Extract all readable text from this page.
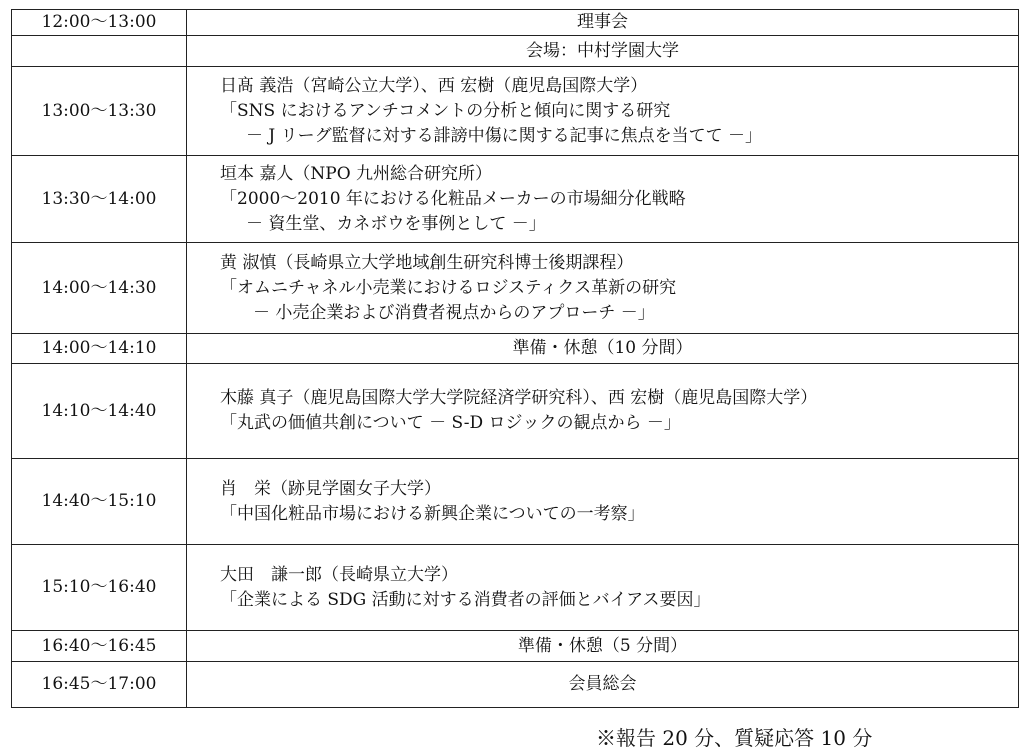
12:00～13:00	理事会
	会場：中村学園大学
13:00～13:30	日髙 義浩（宮崎公立大学）、西 宏樹（鹿児島国際大学）
「SNS におけるアンチコメントの分析と傾向に関する研究
－ J リーグ監督に対する誹謗中傷に関する記事に焦点を当てて －」

13:30～14:00	垣本 嘉人（NPO 九州総合研究所）
「2000～2010 年における化粧品メーカーの市場細分化戦略
－ 資生堂、カネボウを事例として －」

14:00～14:30	黄 淑慎（長崎県立大学地域創生研究科博士後期課程）
「オムニチャネル小売業におけるロジスティクス革新の研究
－ 小売企業および消費者視点からのアプローチ －」

14:00～14:10	準備・休憩（10 分間）
14:10～14:40	木藤 真子（鹿児島国際大学大学院経済学研究科）、西 宏樹（鹿児島国際大学）
「丸武の価値共創について － S-D ロジックの観点から －」

14:40～15:10	肖　栄（跡見学園女子大学）
「中国化粧品市場における新興企業についての一考察」

15:10～16:40	大田　謙一郎（長崎県立大学）
「企業による SDG 活動に対する消費者の評価とバイアス要因」

16:40～16:45	準備・休憩（5 分間）
16:45～17:00	会員総会
※報告 20 分、質疑応答 10 分
